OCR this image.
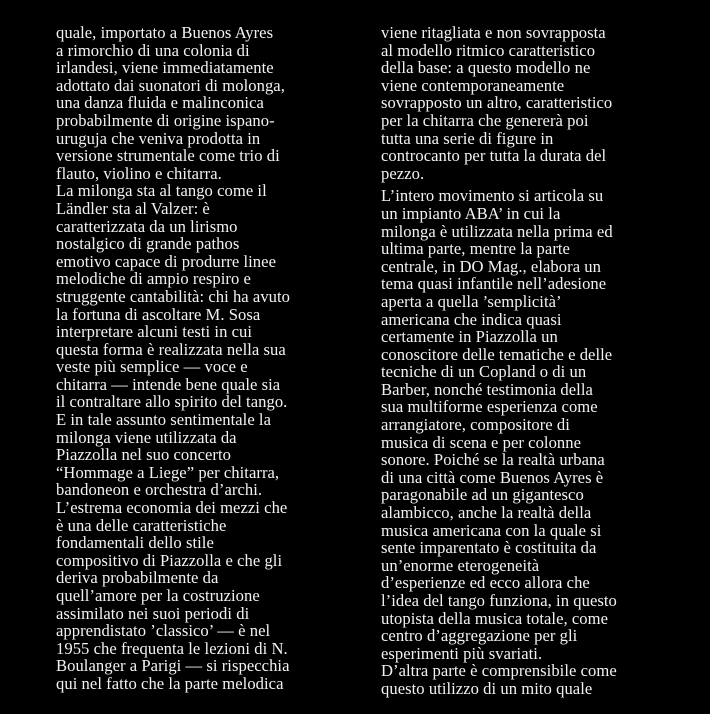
quale, importato a Buenos Ayres
a rimorchio di una colonia di
irlandesi, viene immediatamente
adottato dai suonatori di molonga,
una danza fluida e malinconica
probabilmente di origine ispano-
uruguja che veniva prodotta in
versione strumentale come trio di
flauto, violino e chitarra.
La milonga sta al tango come il
Ländler sta al Valzer: è
caratterizzata da un lirismo
nostalgico di grande pathos
emotivo capace di produrre linee
melodiche di ampio respiro e
struggente cantabilità: chi ha avuto
la fortuna di ascoltare M. Sosa
interpretare alcuni testi in cui
questa forma è realizzata nella sua
veste più semplice — voce e
chitarra — intende bene quale sia
il contraltare allo spirito del tango.
E in tale assunto sentimentale la
milonga viene utilizzata da
Piazzolla nel suo concerto
“Hommage a Liege” per chitarra,
bandoneon e orchestra d’archi.
L’estrema economia dei mezzi che
è una delle caratteristiche
fondamentali dello stile
compositivo di Piazzolla e che gli
deriva probabilmente da
quell’amore per la costruzione
assimilato nei suoi periodi di
apprendistato ’classico’ — è nel
1955 che frequenta le lezioni di N.
Boulanger a Parigi — si rispecchia
qui nel fatto che la parte melodica
viene ritagliata e non sovrapposta
al modello ritmico caratteristico
della base: a questo modello ne
viene contemporaneamente
sovrapposto un altro, caratteristico
per la chitarra che genererà poi
tutta una serie di figure in
controcanto per tutta la durata del
pezzo.
L’intero movimento si articola su
un impianto ABA’ in cui la
milonga è utilizzata nella prima ed
ultima parte, mentre la parte
centrale, in DO Mag., elabora un
tema quasi infantile nell’adesione
aperta a quella ’semplicità’
americana che indica quasi
certamente in Piazzolla un
conoscitore delle tematiche e delle
tecniche di un Copland o di un
Barber, nonché testimonia della
sua multiforme esperienza come
arrangiatore, compositore di
musica di scena e per colonne
sonore. Poiché se la realtà urbana
di una città come Buenos Ayres è
paragonabile ad un gigantesco
alambicco, anche la realtà della
musica americana con la quale si
sente imparentato è costituita da
un’enorme eterogeneità
d’esperienze ed ecco allora che
l’idea del tango funziona, in questo
utopista della musica totale, come
centro d’aggregazione per gli
esperimenti più svariati.
D’altra parte è comprensibile come
questo utilizzo di un mito quale
